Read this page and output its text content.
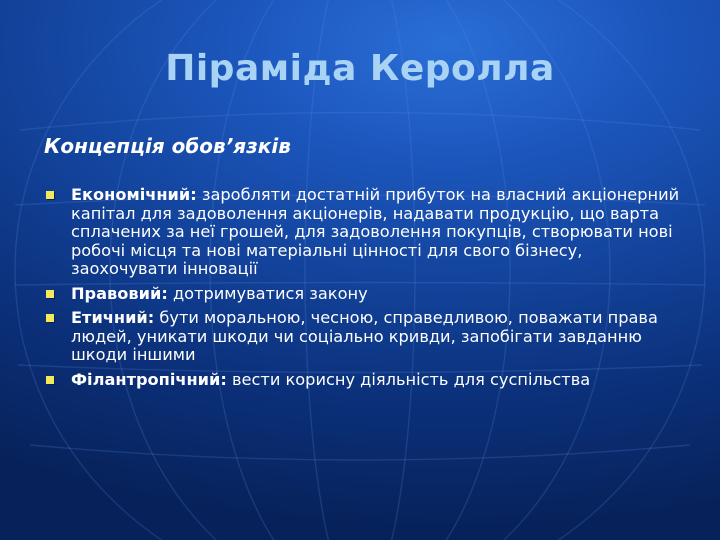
Піраміда Керолла
Концепція обов’язків
Економічний: заробляти достатній прибуток на власний акціонерний капітал для задоволення акціонерів, надавати продукцію, що варта сплачених за неї грошей, для задоволення покупців, створювати нові робочі місця та нові матеріальні цінності для свого бізнесу, заохочувати інновації
Правовий: дотримуватися закону
Етичний: бути моральною, чесною, справедливою, поважати права людей, уникати шкоди чи соціально кривди, запобігати завданню шкоди іншими
Філантропічний: вести корисну діяльність для суспільства
